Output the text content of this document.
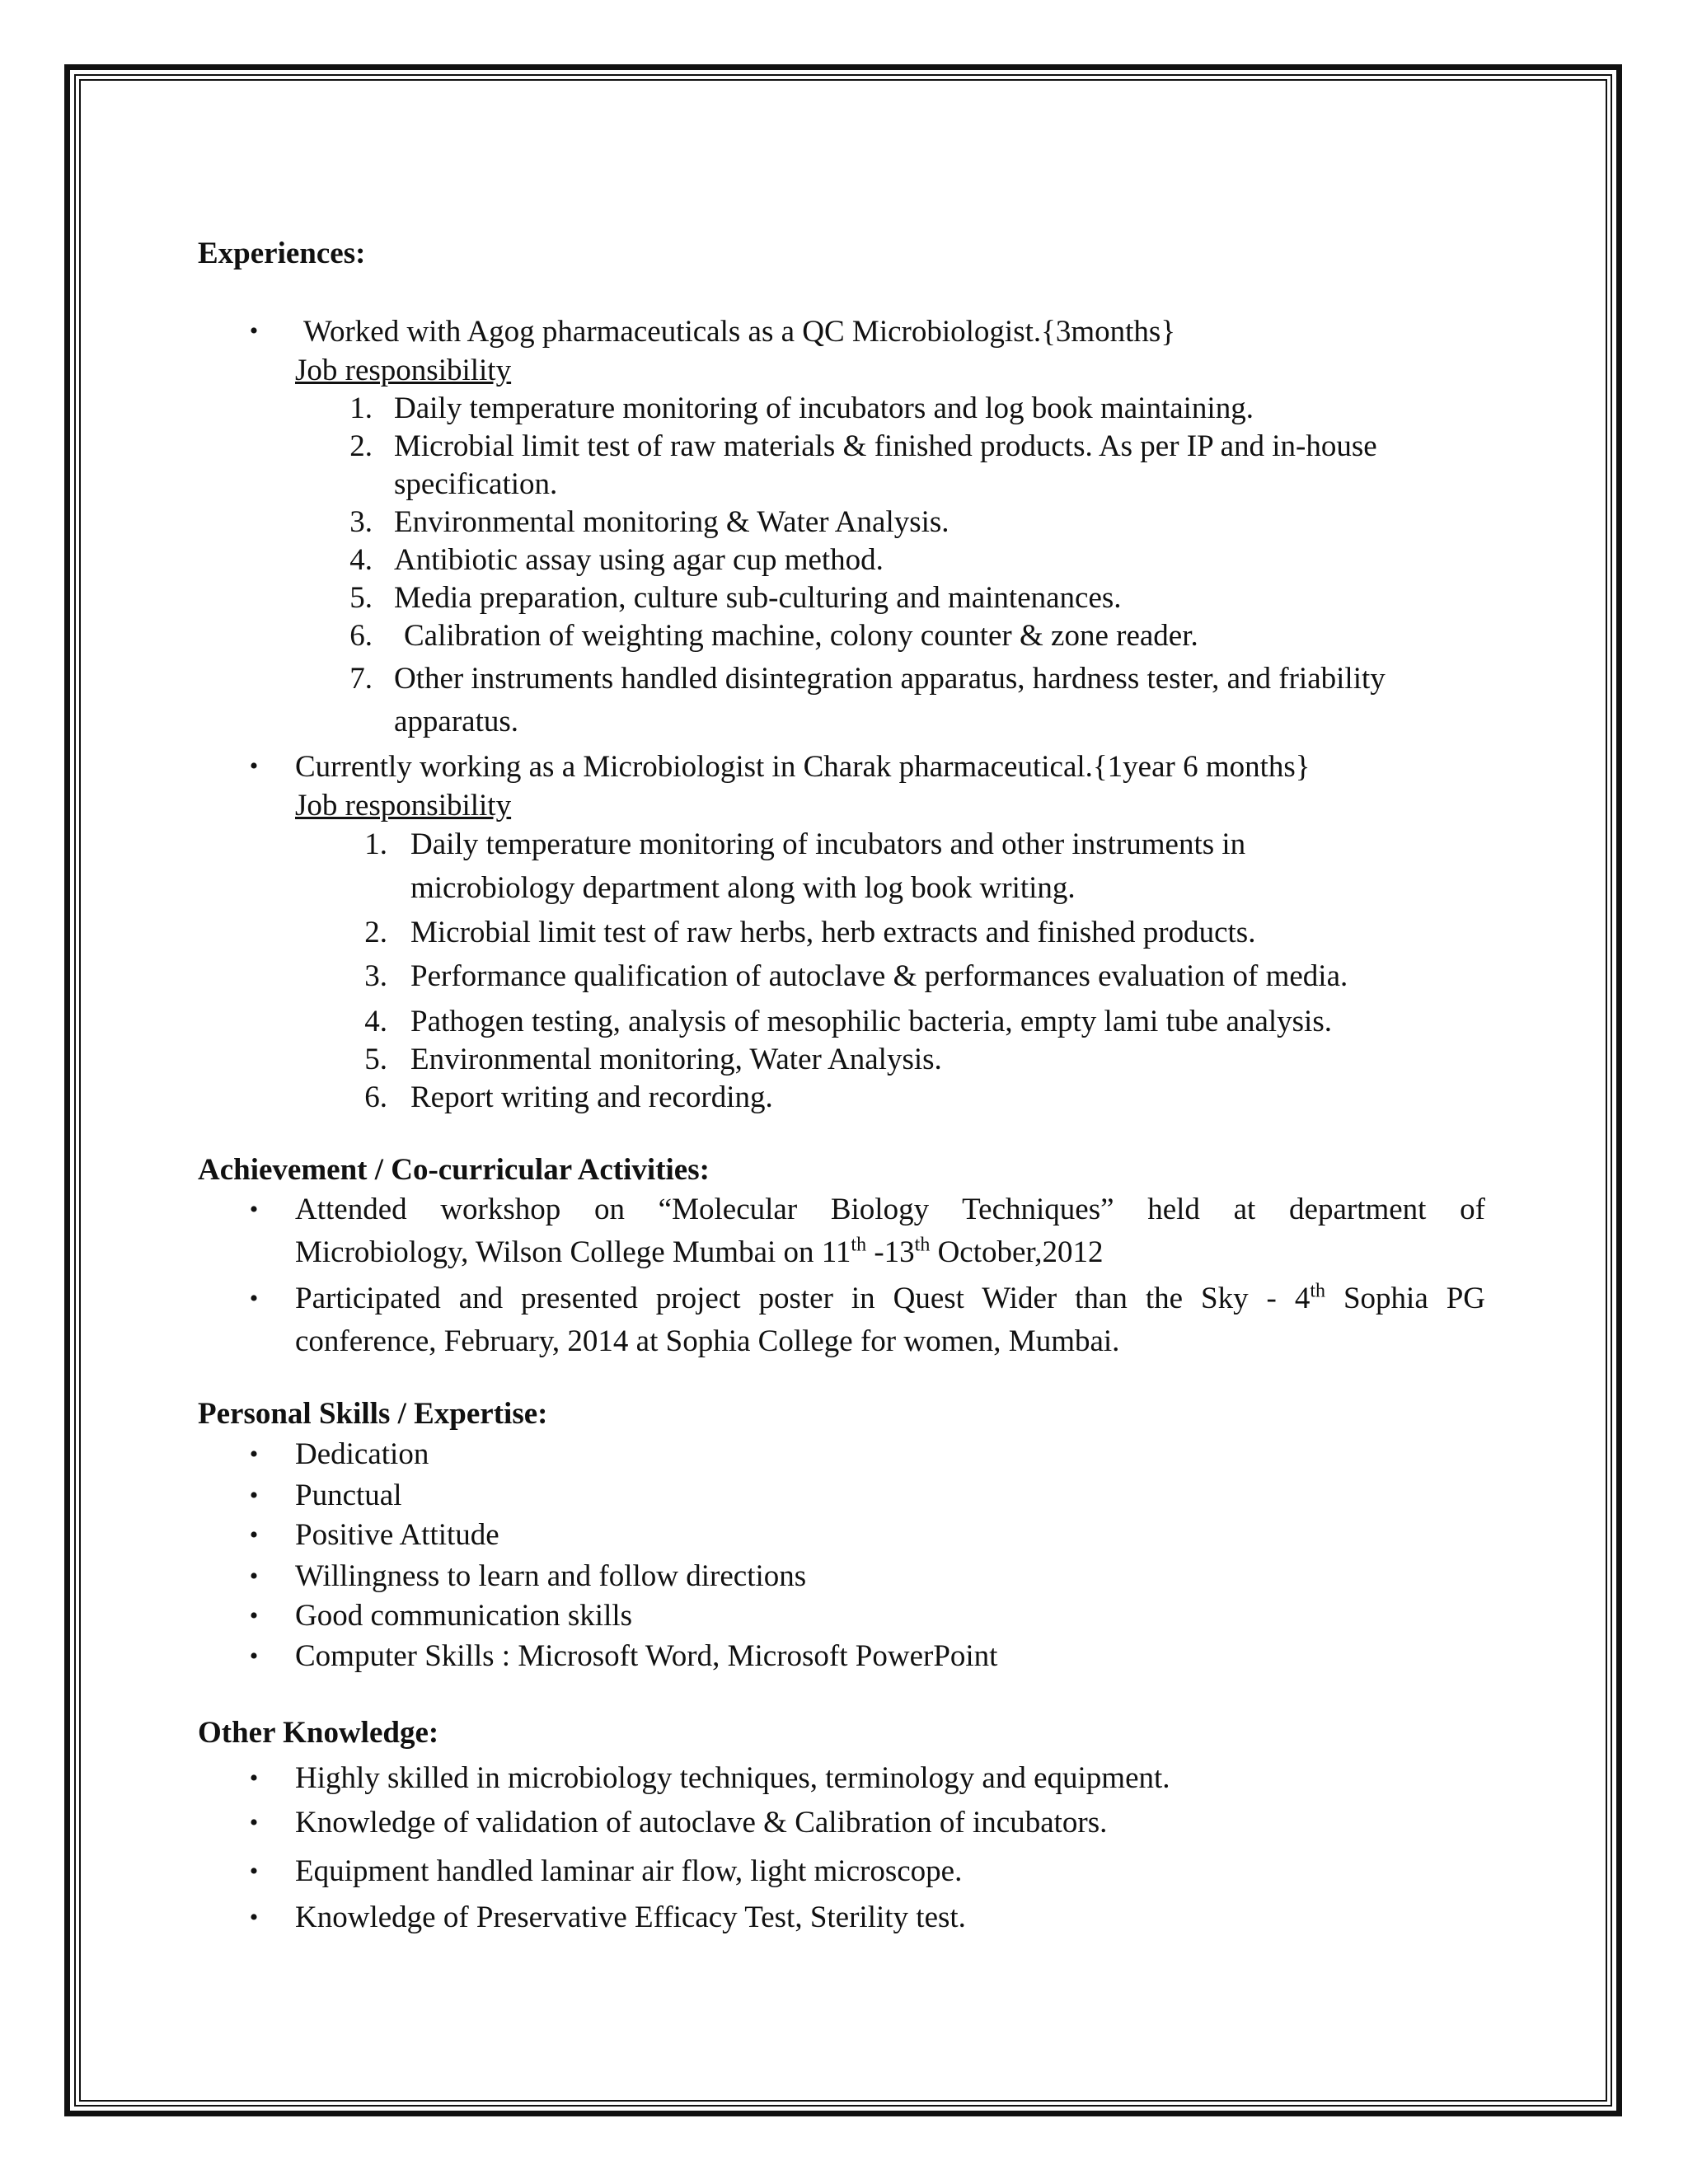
Experiences:
• Worked with Agog pharmaceuticals as a QC Microbiologist.{3months}
Job responsibility
1. Daily temperature monitoring of incubators and log book maintaining.
2. Microbial limit test of raw materials & finished products. As per IP and in-house
specification.
3. Environmental monitoring & Water Analysis.
4. Antibiotic assay using agar cup method.
5. Media preparation, culture sub-culturing and maintenances.
6. Calibration of weighting machine, colony counter & zone reader.
7. Other instruments handled disintegration apparatus, hardness tester, and friability
apparatus.
• Currently working as a Microbiologist in Charak pharmaceutical.{1year 6 months}
Job responsibility
1. Daily temperature monitoring of incubators and other instruments in
microbiology department along with log book writing.
2. Microbial limit test of raw herbs, herb extracts and finished products.
3. Performance qualification of autoclave & performances evaluation of media.
4. Pathogen testing, analysis of mesophilic bacteria, empty lami tube analysis.
5. Environmental monitoring, Water Analysis.
6. Report writing and recording.
Achievement / Co-curricular Activities:
• Attended workshop on “Molecular Biology Techniques” held at department of
Microbiology, Wilson College Mumbai on 11th -13th October,2012
• Participated and presented project poster in Quest Wider than the Sky - 4th Sophia PG
conference, February, 2014 at Sophia College for women, Mumbai.
Personal Skills / Expertise:
• Dedication
• Punctual
• Positive Attitude
• Willingness to learn and follow directions
• Good communication skills
• Computer Skills : Microsoft Word, Microsoft PowerPoint
Other Knowledge:
• Highly skilled in microbiology techniques, terminology and equipment.
• Knowledge of validation of autoclave & Calibration of incubators.
• Equipment handled laminar air flow, light microscope.
• Knowledge of Preservative Efficacy Test, Sterility test.
